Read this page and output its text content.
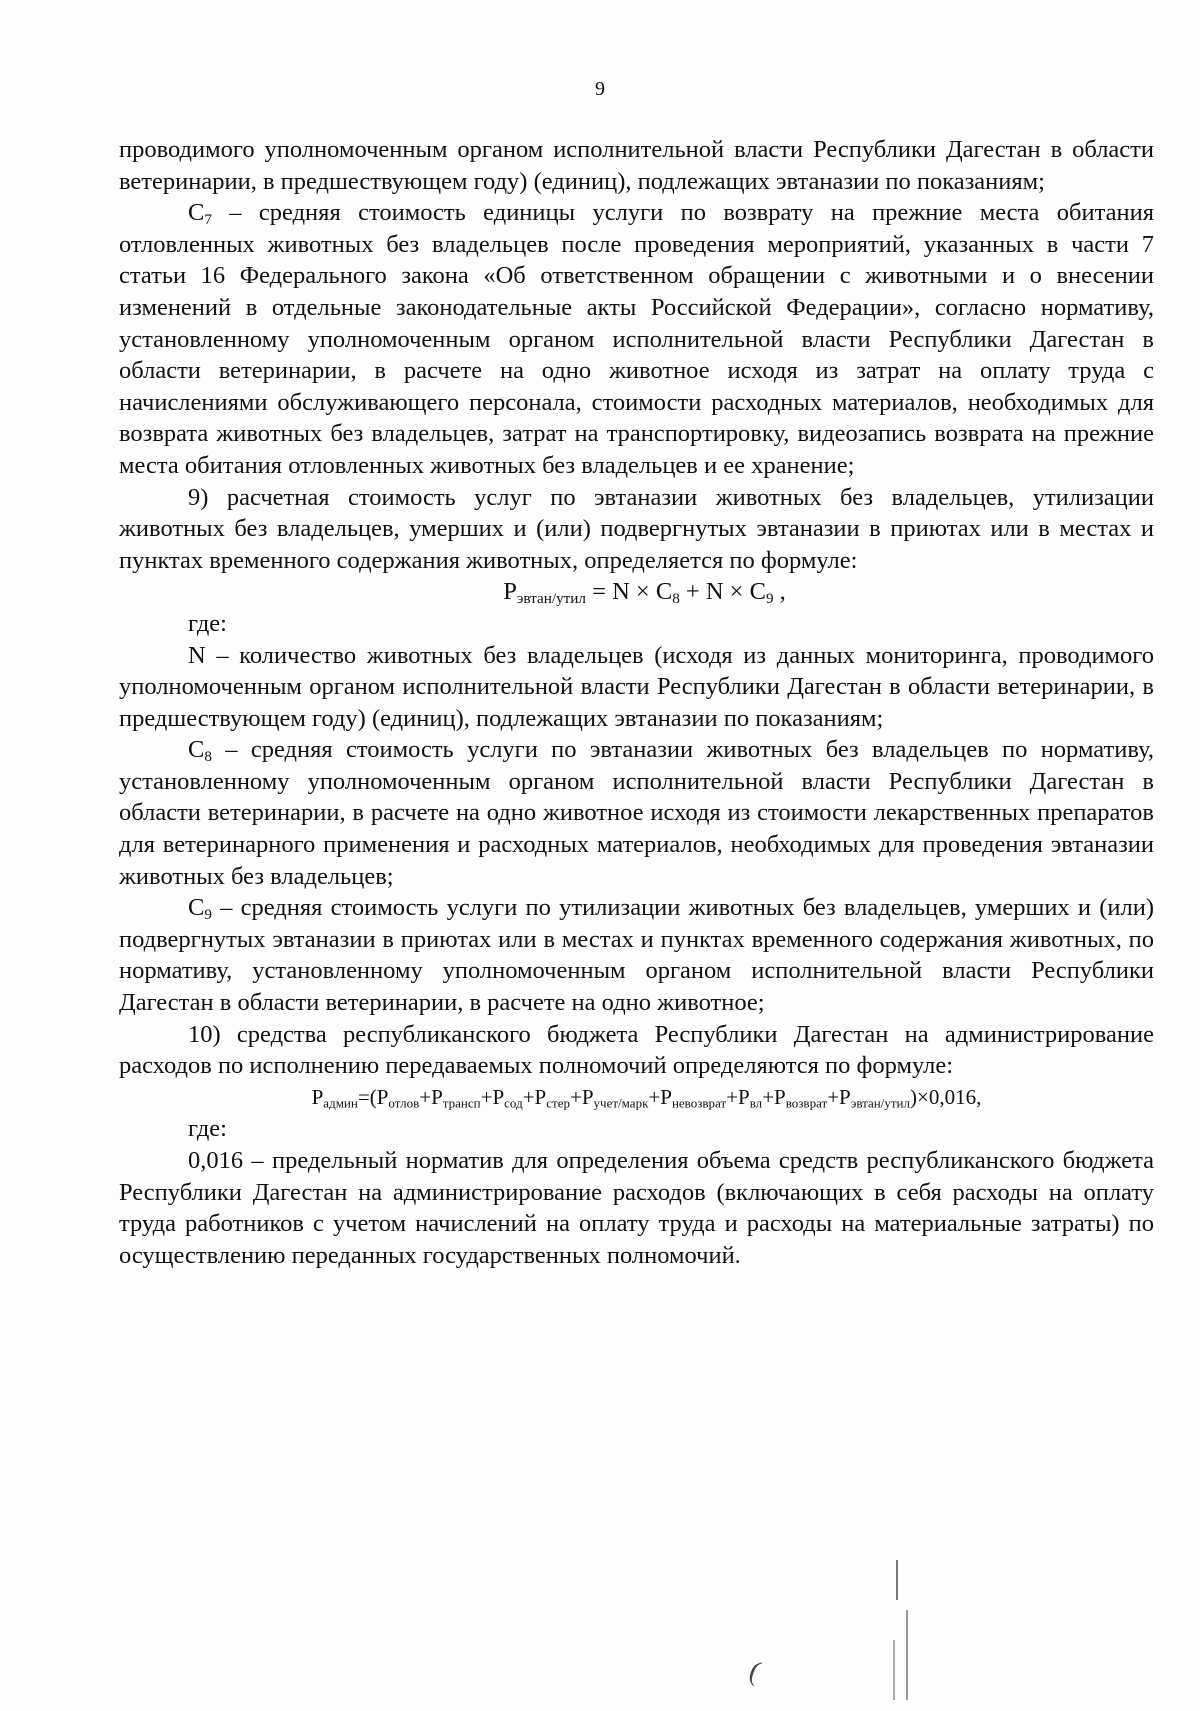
9

проводимого уполномоченным органом исполнительной власти Республики Дагестан в области ветеринарии, в предшествующем году) (единиц), подлежащих эвтаназии по показаниям;

$C_7$ – средняя стоимость единицы услуги по возврату на прежние места обитания отловленных животных без владельцев после проведения мероприятий, указанных в части 7 статьи 16 Федерального закона «Об ответственном обращении с животными и о внесении изменений в отдельные законодательные акты Российской Федерации», согласно нормативу, установленному уполномоченным органом исполнительной власти Республики Дагестан в области ветеринарии, в расчете на одно животное исходя из затрат на оплату труда с начислениями обслуживающего персонала, стоимости расходных материалов, необходимых для возврата животных без владельцев, затрат на транспортировку, видеозапись возврата на прежние места обитания отловленных животных без владельцев и ее хранение;

9) расчетная стоимость услуг по эвтаназии животных без владельцев, утилизации животных без владельцев, умерших и (или) подвергнутых эвтаназии в приютах или в местах и пунктах временного содержания животных, определяется по формуле:

$P_{эвтан/утил} = N \times C_8 + N \times C_9$ ,

где:

N – количество животных без владельцев (исходя из данных мониторинга, проводимого уполномоченным органом исполнительной власти Республики Дагестан в области ветеринарии, в предшествующем году) (единиц), подлежащих эвтаназии по показаниям;

$C_8$ – средняя стоимость услуги по эвтаназии животных без владельцев по нормативу, установленному уполномоченным органом исполнительной власти Республики Дагестан в области ветеринарии, в расчете на одно животное исходя из стоимости лекарственных препаратов для ветеринарного применения и расходных материалов, необходимых для проведения эвтаназии животных без владельцев;

$C_9$ – средняя стоимость услуги по утилизации животных без владельцев, умерших и (или) подвергнутых эвтаназии в приютах или в местах и пунктах временного содержания животных, по нормативу, установленному уполномоченным органом исполнительной власти Республики Дагестан в области ветеринарии, в расчете на одно животное;

10) средства республиканского бюджета Республики Дагестан на администрирование расходов по исполнению передаваемых полномочий определяются по формуле:

$P_{админ}=(P_{отлов}+P_{трансп}+P_{сод}+P_{стер}+P_{учет/марк}+P_{невозврат}+P_{вл}+P_{возврат}+P_{эвтан/утил})\times 0,016$,

где:

0,016 – предельный норматив для определения объема средств республиканского бюджета Республики Дагестан на администрирование расходов (включающих в себя расходы на оплату труда работников с учетом начислений на оплату труда и расходы на материальные затраты) по осуществлению переданных государственных полномочий.

(
